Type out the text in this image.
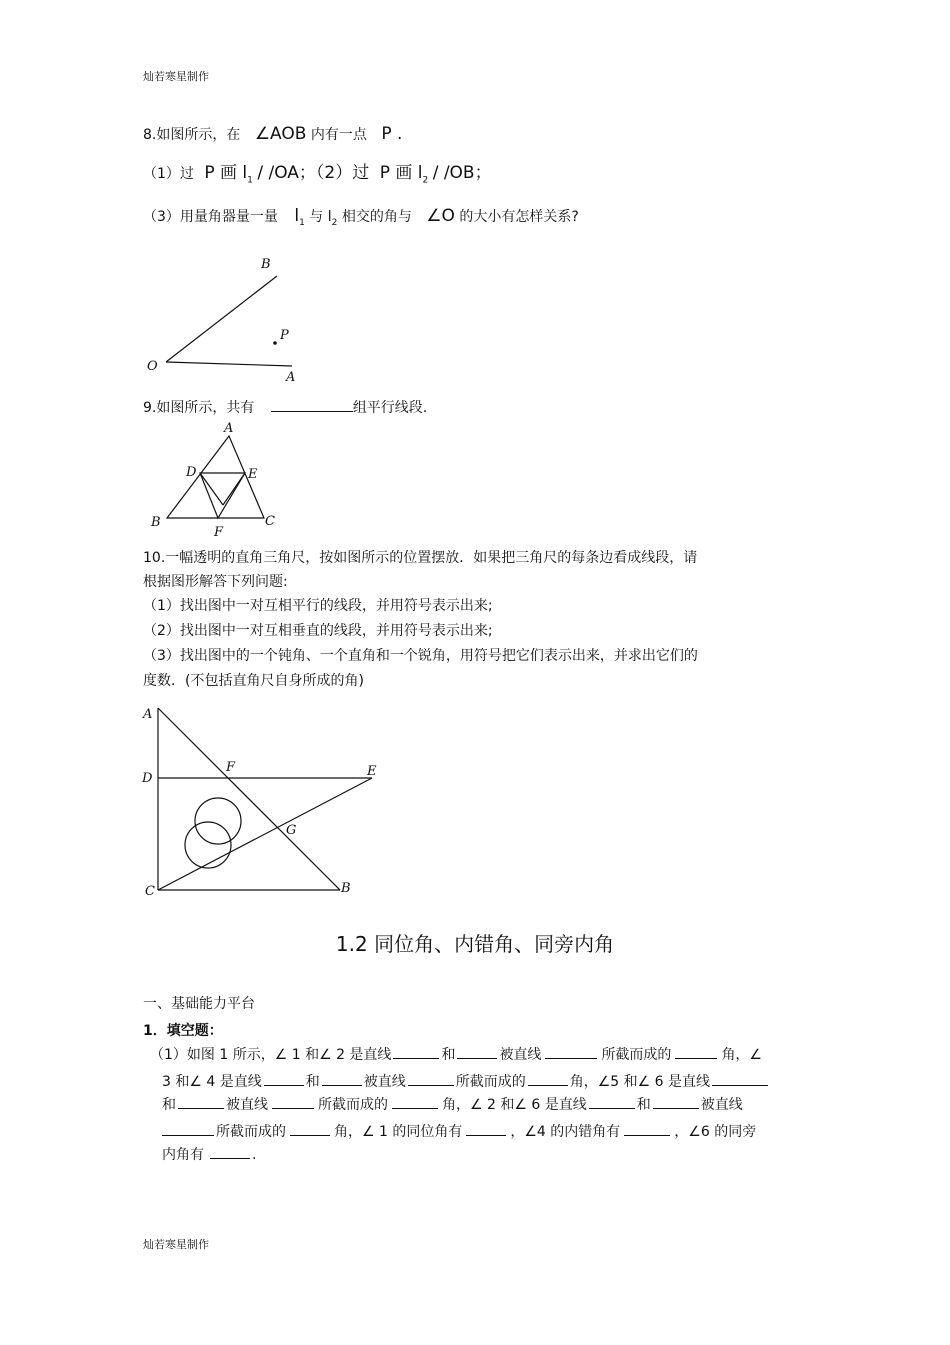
灿若寒星制作
8.如图所示，在 ∠AOB 内有一点 P .
（1）过 P 画 $l_1 / /OA$；（2）过 P 画 $l_2 / /OB$；
（3）用量角器量一量 $l_1$ 与 $l_2$ 相交的角与 ∠O 的大小有怎样关系?
B
P
O
A
9.如图所示，共有	组平行线段.
A
D	E
B
F
C
10.一幅透明的直角三角尺，按如图所示的位置摆放．如果把三角尺的每条边看成线段，请
根据图形解答下列问题:
（1）找出图中一对互相平行的线段，并用符号表示出来;
（2）找出图中一对互相垂直的线段，并用符号表示出来;
（3）找出图中的一个钝角、一个直角和一个锐角，用符号把它们表示出来，并求出它们的
度数．(不包括直角尺自身所成的角)
A
D
F	E
G
C	B
1.2 同位角、内错角、同旁内角
一、基础能力平台
1．填空题：
（1）如图 1 所示，∠ 1 和∠ 2 是直线	和	被直线	所截而成的	角，∠
3 和∠ 4 是直线	和	被直线	所截而成的	角，∠5 和∠ 6 是直线
和	被直线	所截而成的	角，∠ 2 和∠ 6 是直线	和	被直线
所截而成的	角，∠ 1 的同位角有	，∠4 的内错角有	，∠6 的同旁
内角有	.
灿若寒星制作
